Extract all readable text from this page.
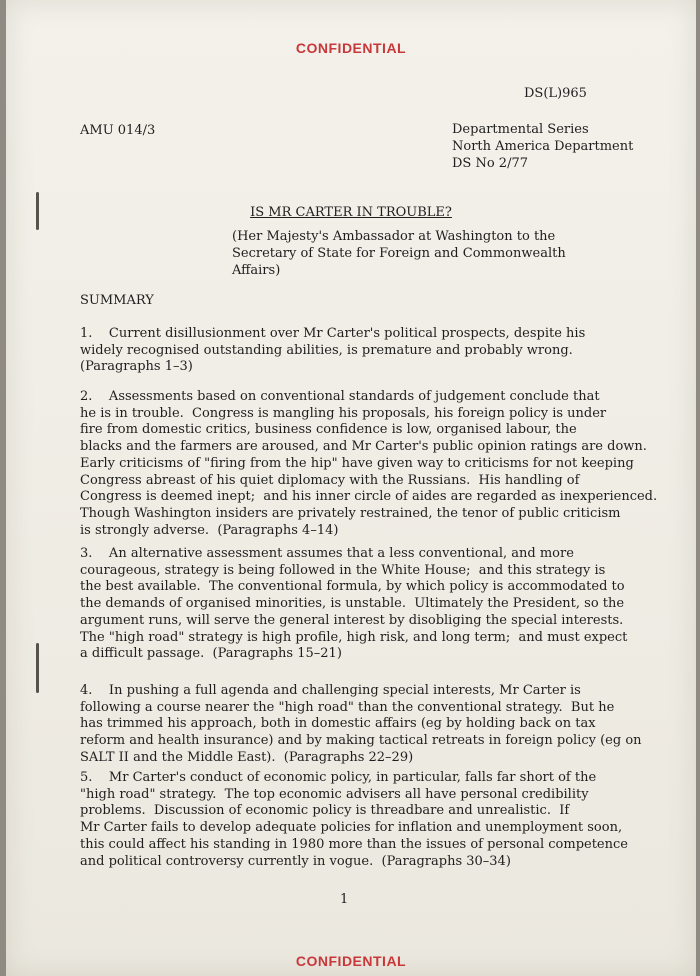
CONFIDENTIAL
DS(L)965
AMU 014/3	Departmental Series
North America Department
DS No 2/77
IS MR CARTER IN TROUBLE?
(Her Majesty's Ambassador at Washington to the
Secretary of State for Foreign and Commonwealth
Affairs)
SUMMARY
1.    Current disillusionment over Mr Carter's political prospects, despite his
widely recognised outstanding abilities, is premature and probably wrong.
(Paragraphs 1–3)
2.    Assessments based on conventional standards of judgement conclude that
he is in trouble.  Congress is mangling his proposals, his foreign policy is under
fire from domestic critics, business confidence is low, organised labour, the
blacks and the farmers are aroused, and Mr Carter's public opinion ratings are down.
Early criticisms of "firing from the hip" have given way to criticisms for not keeping
Congress abreast of his quiet diplomacy with the Russians.  His handling of
Congress is deemed inept;  and his inner circle of aides are regarded as inexperienced.
Though Washington insiders are privately restrained, the tenor of public criticism
is strongly adverse.  (Paragraphs 4–14)
3.    An alternative assessment assumes that a less conventional, and more
courageous, strategy is being followed in the White House;  and this strategy is
the best available.  The conventional formula, by which policy is accommodated to
the demands of organised minorities, is unstable.  Ultimately the President, so the
argument runs, will serve the general interest by disobliging the special interests.
The "high road" strategy is high profile, high risk, and long term;  and must expect
a difficult passage.  (Paragraphs 15–21)
4.    In pushing a full agenda and challenging special interests, Mr Carter is
following a course nearer the "high road" than the conventional strategy.  But he
has trimmed his approach, both in domestic affairs (eg by holding back on tax
reform and health insurance) and by making tactical retreats in foreign policy (eg on
SALT II and the Middle East).  (Paragraphs 22–29)
5.    Mr Carter's conduct of economic policy, in particular, falls far short of the
"high road" strategy.  The top economic advisers all have personal credibility
problems.  Discussion of economic policy is threadbare and unrealistic.  If
Mr Carter fails to develop adequate policies for inflation and unemployment soon,
this could affect his standing in 1980 more than the issues of personal competence
and political controversy currently in vogue.  (Paragraphs 30–34)
1
CONFIDENTIAL
